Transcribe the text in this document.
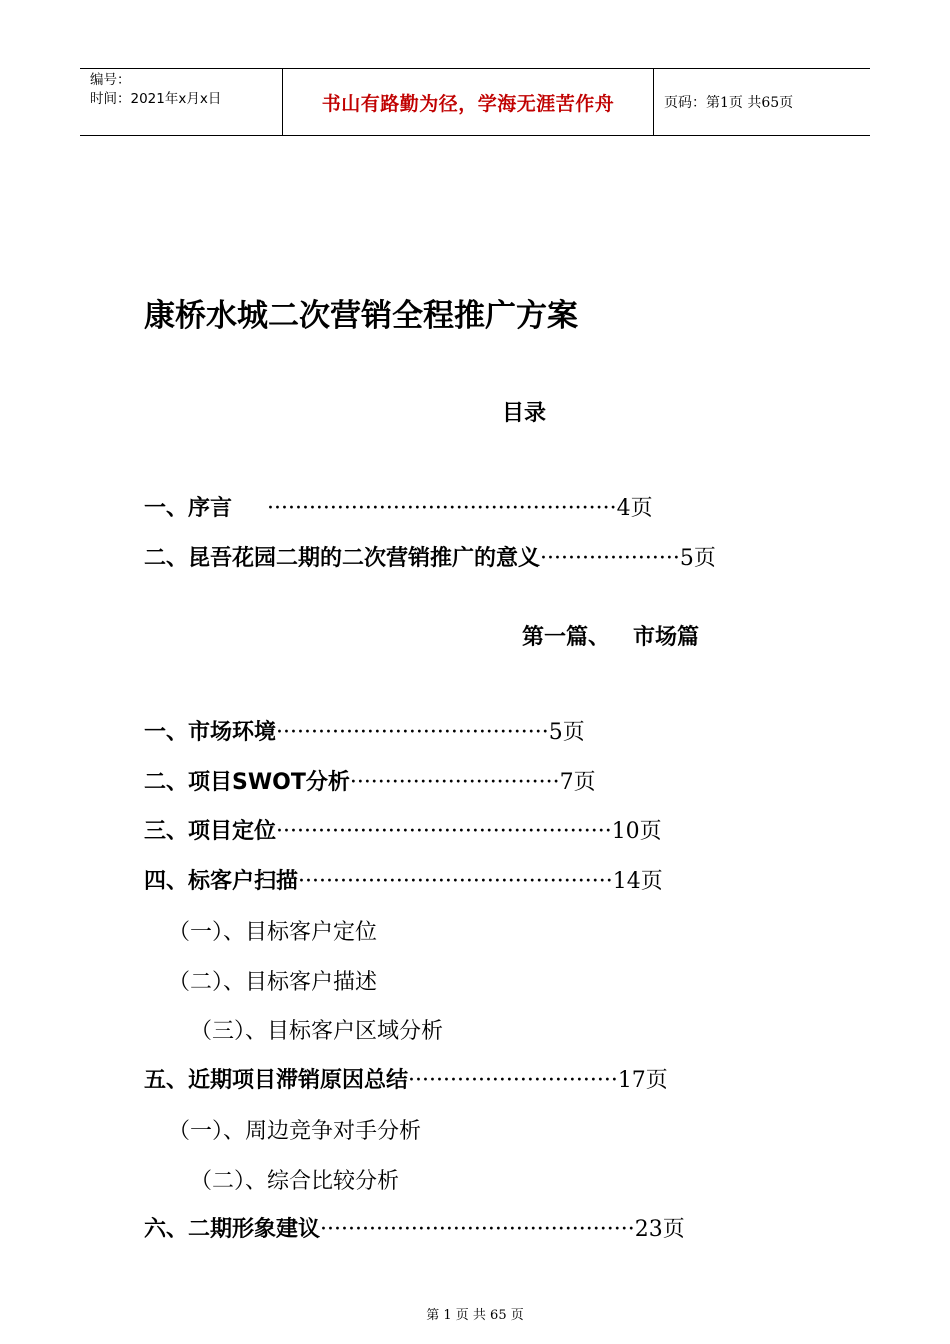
编号：
时间：2021年x月x日	书山有路勤为径，学海无涯苦作舟	页码：第1页 共65页
康桥水城二次营销全程推广方案
目录
一、序言     ··················································4页
二、昆吾花园二期的二次营销推广的意义····················5页
第一篇、   市场篇
一、市场环境·······································5页
二、项目SWOT分析······························7页
三、项目定位················································10页
四、标客户扫描·············································14页
（一）、目标客户定位
（二）、目标客户描述
（三）、目标客户区域分析
五、近期项目滞销原因总结······························17页
（一）、周边竞争对手分析
（二）、综合比较分析
六、二期形象建议·············································23页
第 1 页 共 65 页
